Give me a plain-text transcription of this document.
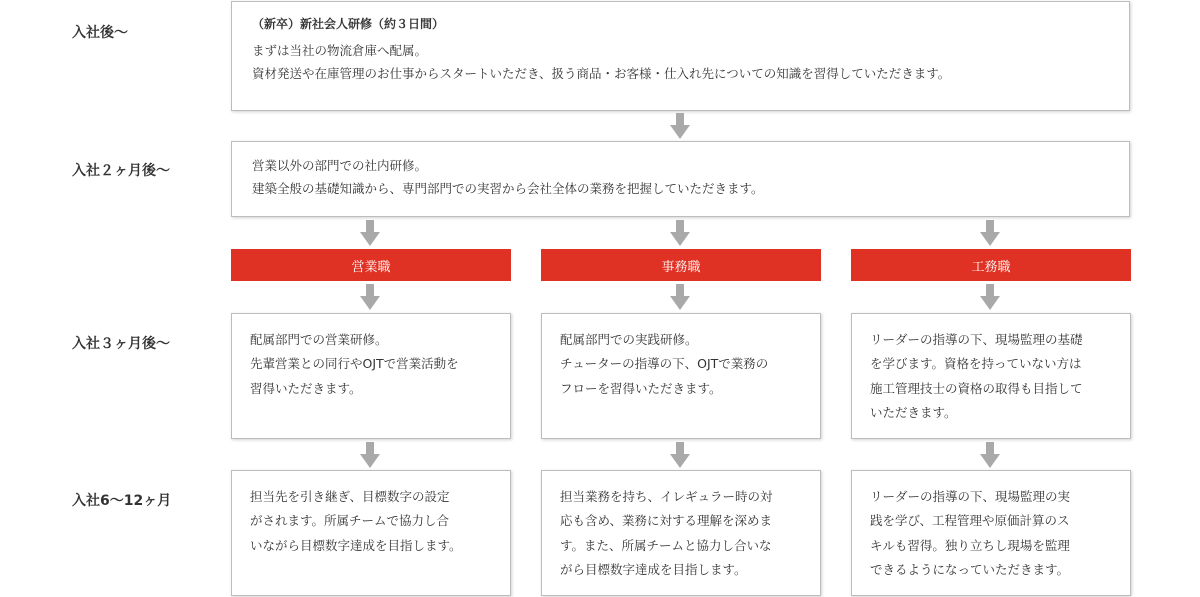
入社後〜
入社２ヶ月後〜
入社３ヶ月後〜
入社6〜12ヶ月
（新卒）新社会人研修（約３日間）
まずは当社の物流倉庫へ配属。
資材発送や在庫管理のお仕事からスタートいただき、扱う商品・お客様・仕入れ先についての知識を習得していただきます。
営業以外の部門での社内研修。
建築全般の基礎知識から、専門部門での実習から会社全体の業務を把握していただきます。
営業職	事務職	工務職
配属部門での営業研修。
先輩営業との同行やOJTで営業活動を
習得いただきます。
配属部門での実践研修。
チューターの指導の下、OJTで業務の
フローを習得いただきます。
リーダーの指導の下、現場監理の基礎
を学びます。資格を持っていない方は
施工管理技士の資格の取得も目指して
いただきます。
担当先を引き継ぎ、目標数字の設定
がされます。所属チームで協力し合
いながら目標数字達成を目指します。
担当業務を持ち、イレギュラー時の対
応も含め、業務に対する理解を深めま
す。また、所属チームと協力し合いな
がら目標数字達成を目指します。
リーダーの指導の下、現場監理の実
践を学び、工程管理や原価計算のス
キルも習得。独り立ちし現場を監理
できるようになっていただきます。
